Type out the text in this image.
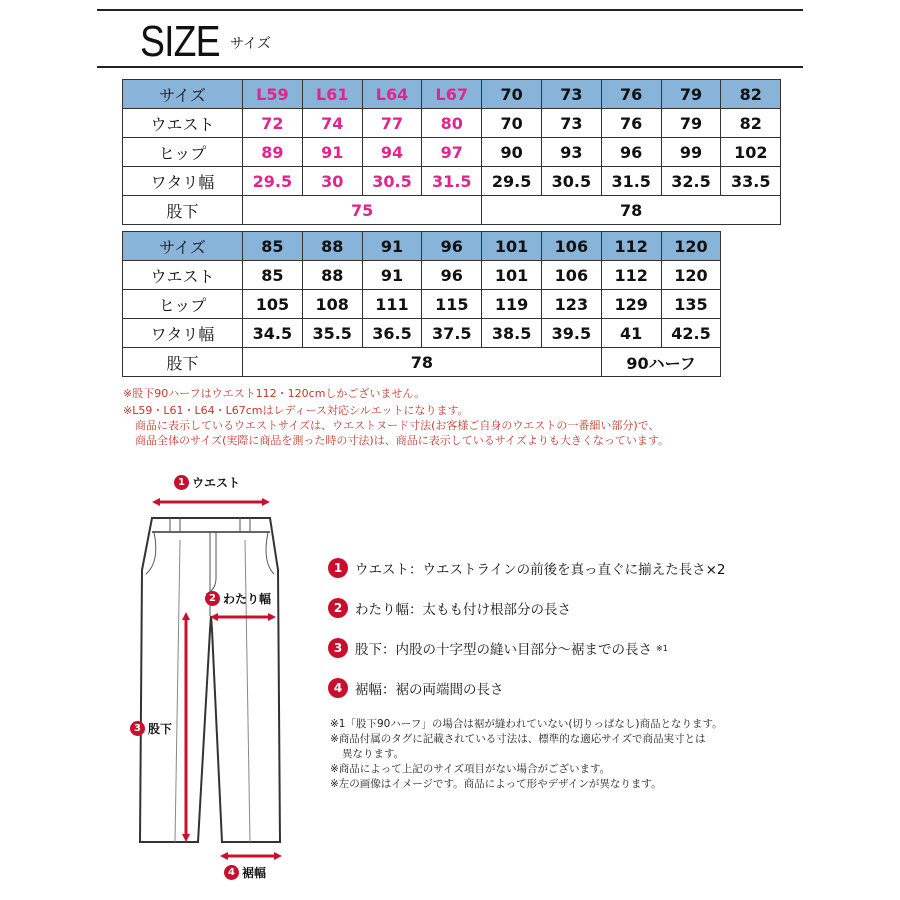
SIZE サイズ
サイズ	L59	L61	L64	L67	70	73	76	79	82
ウエスト	72	74	77	80	70	73	76	79	82
ヒップ	89	91	94	97	90	93	96	99	102
ワタリ幅	29.5	30	30.5	31.5	29.5	30.5	31.5	32.5	33.5
股下	75				78				
サイズ	85	88	91	96	101	106	112	120
ウエスト	85	88	91	96	101	106	112	120
ヒップ	105	108	111	115	119	123	129	135
ワタリ幅	34.5	35.5	36.5	37.5	38.5	39.5	41	42.5
股下	78						90ハーフ	
※股下90ハーフはウエスト112・120cmしかございません。
※L59・L61・L64・L67cmはレディース対応シルエットになります。
商品に表示しているウエストサイズは、ウエストヌード寸法(お客様ご自身のウエストの一番細い部分)で、
商品全体のサイズ(実際に商品を測った時の寸法)は、商品に表示しているサイズよりも大きくなっています。
1 ウエスト
2 わたり幅
3 股下
4 裾幅
1 ウエスト：ウエストラインの前後を真っ直ぐに揃えた長さ×2
2 わたり幅：太もも付け根部分の長さ
3 股下：内股の十字型の縫い目部分～裾までの長さ ※1
4 裾幅：裾の両端間の長さ
※1「股下90ハーフ」の場合は裾が縫われていない(切りっぱなし)商品となります。
※商品付属のタグに記載されている寸法は、標準的な適応サイズで商品実寸とは
異なります。
※商品によって上記のサイズ項目がない場合がございます。
※左の画像はイメージです。商品によって形やデザインが異なります。
